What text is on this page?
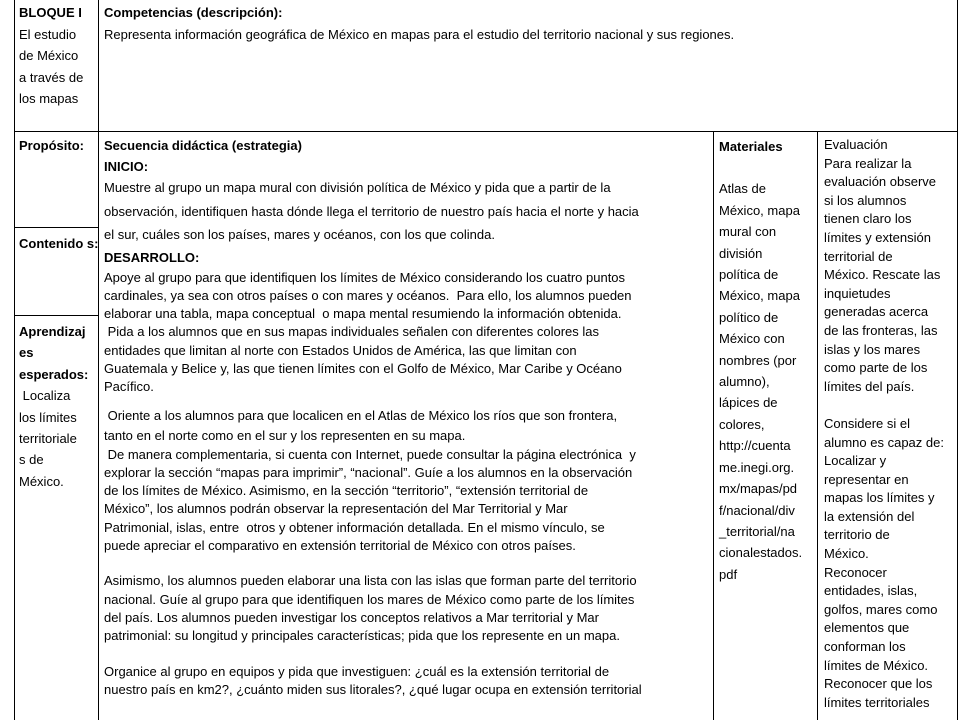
BLOQUE I

El estudio

de México

a través de

los mapas

Competencias (descripción):

Representa información geográfica de México en mapas para el estudio del territorio nacional y sus regiones.

Propósito:

Contenido s:

Aprendizaj

es

esperados:

Localiza

los límites

territoriale

s de

México.

Secuencia didáctica (estrategia)

INICIO:

Muestre al grupo un mapa mural con división política de México y pida que a partir de la

observación, identifiquen hasta dónde llega el territorio de nuestro país hacia el norte y hacia

el sur, cuáles son los países, mares y océanos, con los que colinda.

DESARROLLO:

Apoye al grupo para que identifiquen los límites de México considerando los cuatro puntos

cardinales, ya sea con otros países o con mares y océanos.  Para ello, los alumnos pueden

elaborar una tabla, mapa conceptual  o mapa mental resumiendo la información obtenida.

Pida a los alumnos que en sus mapas individuales señalen con diferentes colores las

entidades que limitan al norte con Estados Unidos de América, las que limitan con

Guatemala y Belice y, las que tienen límites con el Golfo de México, Mar Caribe y Océano

Pacífico.

Oriente a los alumnos para que localicen en el Atlas de México los ríos que son frontera,

tanto en el norte como en el sur y los representen en su mapa.

De manera complementaria, si cuenta con Internet, puede consultar la página electrónica  y

explorar la sección “mapas para imprimir”, “nacional”. Guíe a los alumnos en la observación

de los límites de México. Asimismo, en la sección “territorio”, “extensión territorial de

México”, los alumnos podrán observar la representación del Mar Territorial y Mar

Patrimonial, islas, entre  otros y obtener información detallada. En el mismo vínculo, se

puede apreciar el comparativo en extensión territorial de México con otros países.

Asimismo, los alumnos pueden elaborar una lista con las islas que forman parte del territorio

nacional. Guíe al grupo para que identifiquen los mares de México como parte de los límites

del país. Los alumnos pueden investigar los conceptos relativos a Mar territorial y Mar

patrimonial: su longitud y principales características; pida que los represente en un mapa.

Organice al grupo en equipos y pida que investiguen: ¿cuál es la extensión territorial de

nuestro país en km2?, ¿cuánto miden sus litorales?, ¿qué lugar ocupa en extensión territorial

Materiales

Atlas de

México, mapa

mural con

división

política de

México, mapa

político de

México con

nombres (por

alumno),

lápices de

colores,

http://cuenta

me.inegi.org.

mx/mapas/pd

f/nacional/div

_territorial/na

cionalestados.

pdf

Evaluación

Para realizar la

evaluación observe

si los alumnos

tienen claro los

límites y extensión

territorial de

México. Rescate las

inquietudes

generadas acerca

de las fronteras, las

islas y los mares

como parte de los

límites del país.

Considere si el

alumno es capaz de:

Localizar y

representar en

mapas los límites y

la extensión del

territorio de

México.

Reconocer

entidades, islas,

golfos, mares como

elementos que

conforman los

límites de México.

Reconocer que los

límites territoriales
